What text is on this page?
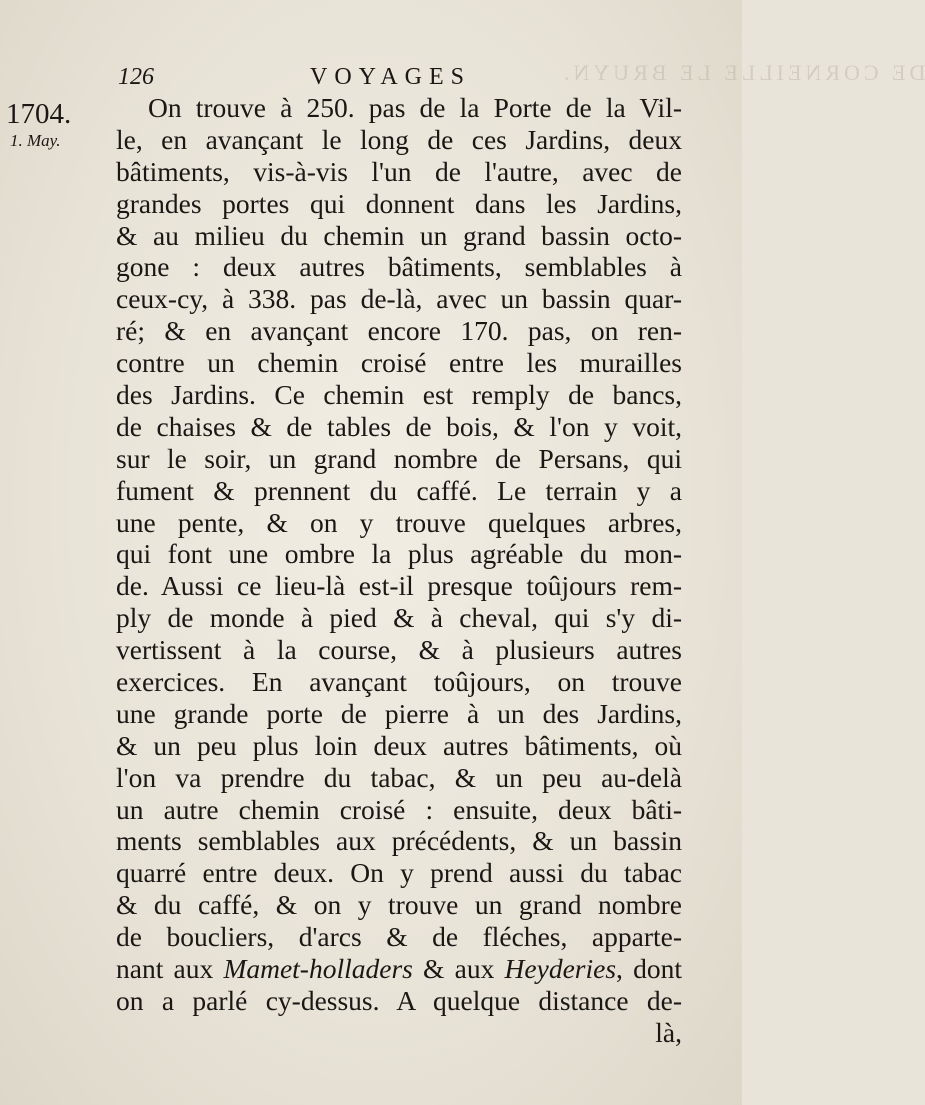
DE CORNEILLE LE BRUYN.
126	VOYAGES
1704.
1. May.
On trouve à 250. pas de la Porte de la Vil-
le, en avançant le long de ces Jardins, deux
bâtiments, vis-à-vis l'un de l'autre, avec de
grandes portes qui donnent dans les Jardins,
& au milieu du chemin un grand bassin octo-
gone : deux autres bâtiments, semblables à
ceux-cy, à 338. pas de-là, avec un bassin quar-
ré; & en avançant encore 170. pas, on ren-
contre un chemin croisé entre les murailles
des Jardins. Ce chemin est remply de bancs,
de chaises & de tables de bois, & l'on y voit,
sur le soir, un grand nombre de Persans, qui
fument & prennent du caffé. Le terrain y a
une pente, & on y trouve quelques arbres,
qui font une ombre la plus agréable du mon-
de. Aussi ce lieu-là est-il presque toûjours rem-
ply de monde à pied & à cheval, qui s'y di-
vertissent à la course, & à plusieurs autres
exercices. En avançant toûjours, on trouve
une grande porte de pierre à un des Jardins,
& un peu plus loin deux autres bâtiments, où
l'on va prendre du tabac, & un peu au-delà
un autre chemin croisé : ensuite, deux bâti-
ments semblables aux précédents, & un bassin
quarré entre deux. On y prend aussi du tabac
& du caffé, & on y trouve un grand nombre
de boucliers, d'arcs & de fléches, apparte-
nant aux Mamet-holladers & aux Heyderies, dont
on a parlé cy-dessus. A quelque distance de-
là,
